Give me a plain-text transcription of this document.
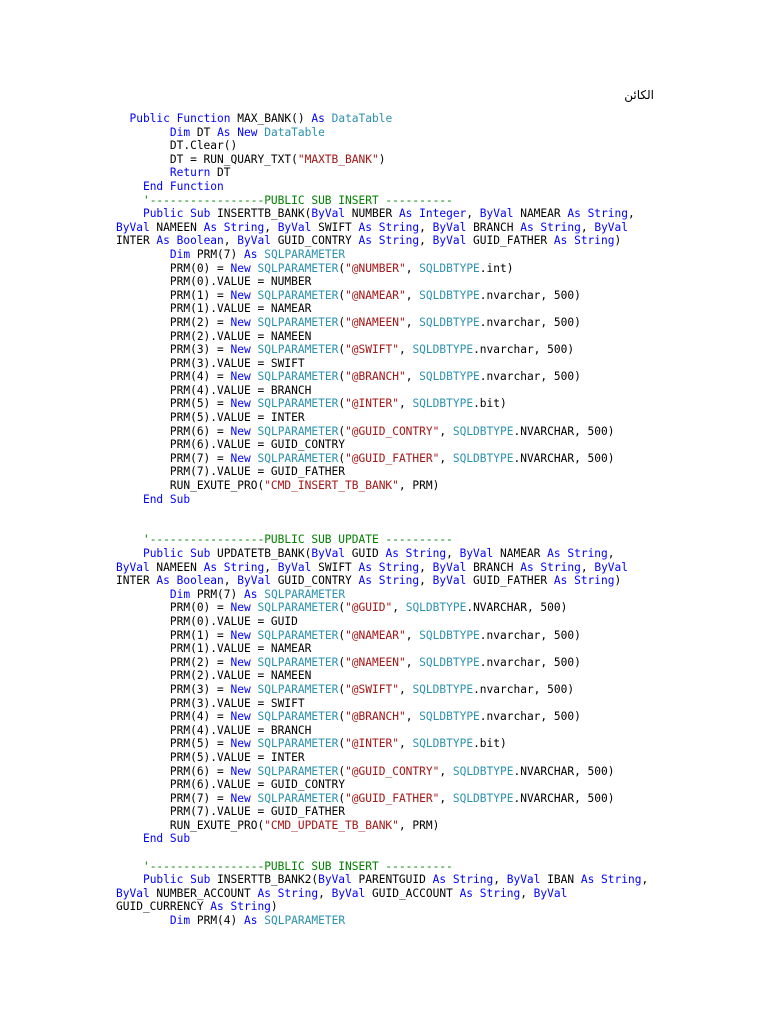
الكائن
Public Function MAX_BANK() As DataTable
Dim DT As New DataTable
DT.Clear()
DT = RUN_QUARY_TXT("MAXTB_BANK")
Return DT
End Function
'-----------------PUBLIC SUB INSERT ----------
Public Sub INSERTTB_BANK(ByVal NUMBER As Integer, ByVal NAMEAR As String,
ByVal NAMEEN As String, ByVal SWIFT As String, ByVal BRANCH As String, ByVal
INTER As Boolean, ByVal GUID_CONTRY As String, ByVal GUID_FATHER As String)
Dim PRM(7) As SQLPARAMETER
PRM(0) = New SQLPARAMETER("@NUMBER", SQLDBTYPE.int)
PRM(0).VALUE = NUMBER
PRM(1) = New SQLPARAMETER("@NAMEAR", SQLDBTYPE.nvarchar, 500)
PRM(1).VALUE = NAMEAR
PRM(2) = New SQLPARAMETER("@NAMEEN", SQLDBTYPE.nvarchar, 500)
PRM(2).VALUE = NAMEEN
PRM(3) = New SQLPARAMETER("@SWIFT", SQLDBTYPE.nvarchar, 500)
PRM(3).VALUE = SWIFT
PRM(4) = New SQLPARAMETER("@BRANCH", SQLDBTYPE.nvarchar, 500)
PRM(4).VALUE = BRANCH
PRM(5) = New SQLPARAMETER("@INTER", SQLDBTYPE.bit)
PRM(5).VALUE = INTER
PRM(6) = New SQLPARAMETER("@GUID_CONTRY", SQLDBTYPE.NVARCHAR, 500)
PRM(6).VALUE = GUID_CONTRY
PRM(7) = New SQLPARAMETER("@GUID_FATHER", SQLDBTYPE.NVARCHAR, 500)
PRM(7).VALUE = GUID_FATHER
RUN_EXUTE_PRO("CMD_INSERT_TB_BANK", PRM)
End Sub

'-----------------PUBLIC SUB UPDATE ----------
Public Sub UPDATETB_BANK(ByVal GUID As String, ByVal NAMEAR As String,
ByVal NAMEEN As String, ByVal SWIFT As String, ByVal BRANCH As String, ByVal
INTER As Boolean, ByVal GUID_CONTRY As String, ByVal GUID_FATHER As String)
Dim PRM(7) As SQLPARAMETER
PRM(0) = New SQLPARAMETER("@GUID", SQLDBTYPE.NVARCHAR, 500)
PRM(0).VALUE = GUID
PRM(1) = New SQLPARAMETER("@NAMEAR", SQLDBTYPE.nvarchar, 500)
PRM(1).VALUE = NAMEAR
PRM(2) = New SQLPARAMETER("@NAMEEN", SQLDBTYPE.nvarchar, 500)
PRM(2).VALUE = NAMEEN
PRM(3) = New SQLPARAMETER("@SWIFT", SQLDBTYPE.nvarchar, 500)
PRM(3).VALUE = SWIFT
PRM(4) = New SQLPARAMETER("@BRANCH", SQLDBTYPE.nvarchar, 500)
PRM(4).VALUE = BRANCH
PRM(5) = New SQLPARAMETER("@INTER", SQLDBTYPE.bit)
PRM(5).VALUE = INTER
PRM(6) = New SQLPARAMETER("@GUID_CONTRY", SQLDBTYPE.NVARCHAR, 500)
PRM(6).VALUE = GUID_CONTRY
PRM(7) = New SQLPARAMETER("@GUID_FATHER", SQLDBTYPE.NVARCHAR, 500)
PRM(7).VALUE = GUID_FATHER
RUN_EXUTE_PRO("CMD_UPDATE_TB_BANK", PRM)
End Sub

'-----------------PUBLIC SUB INSERT ----------
Public Sub INSERTTB_BANK2(ByVal PARENTGUID As String, ByVal IBAN As String,
ByVal NUMBER_ACCOUNT As String, ByVal GUID_ACCOUNT As String, ByVal
GUID_CURRENCY As String)
Dim PRM(4) As SQLPARAMETER
